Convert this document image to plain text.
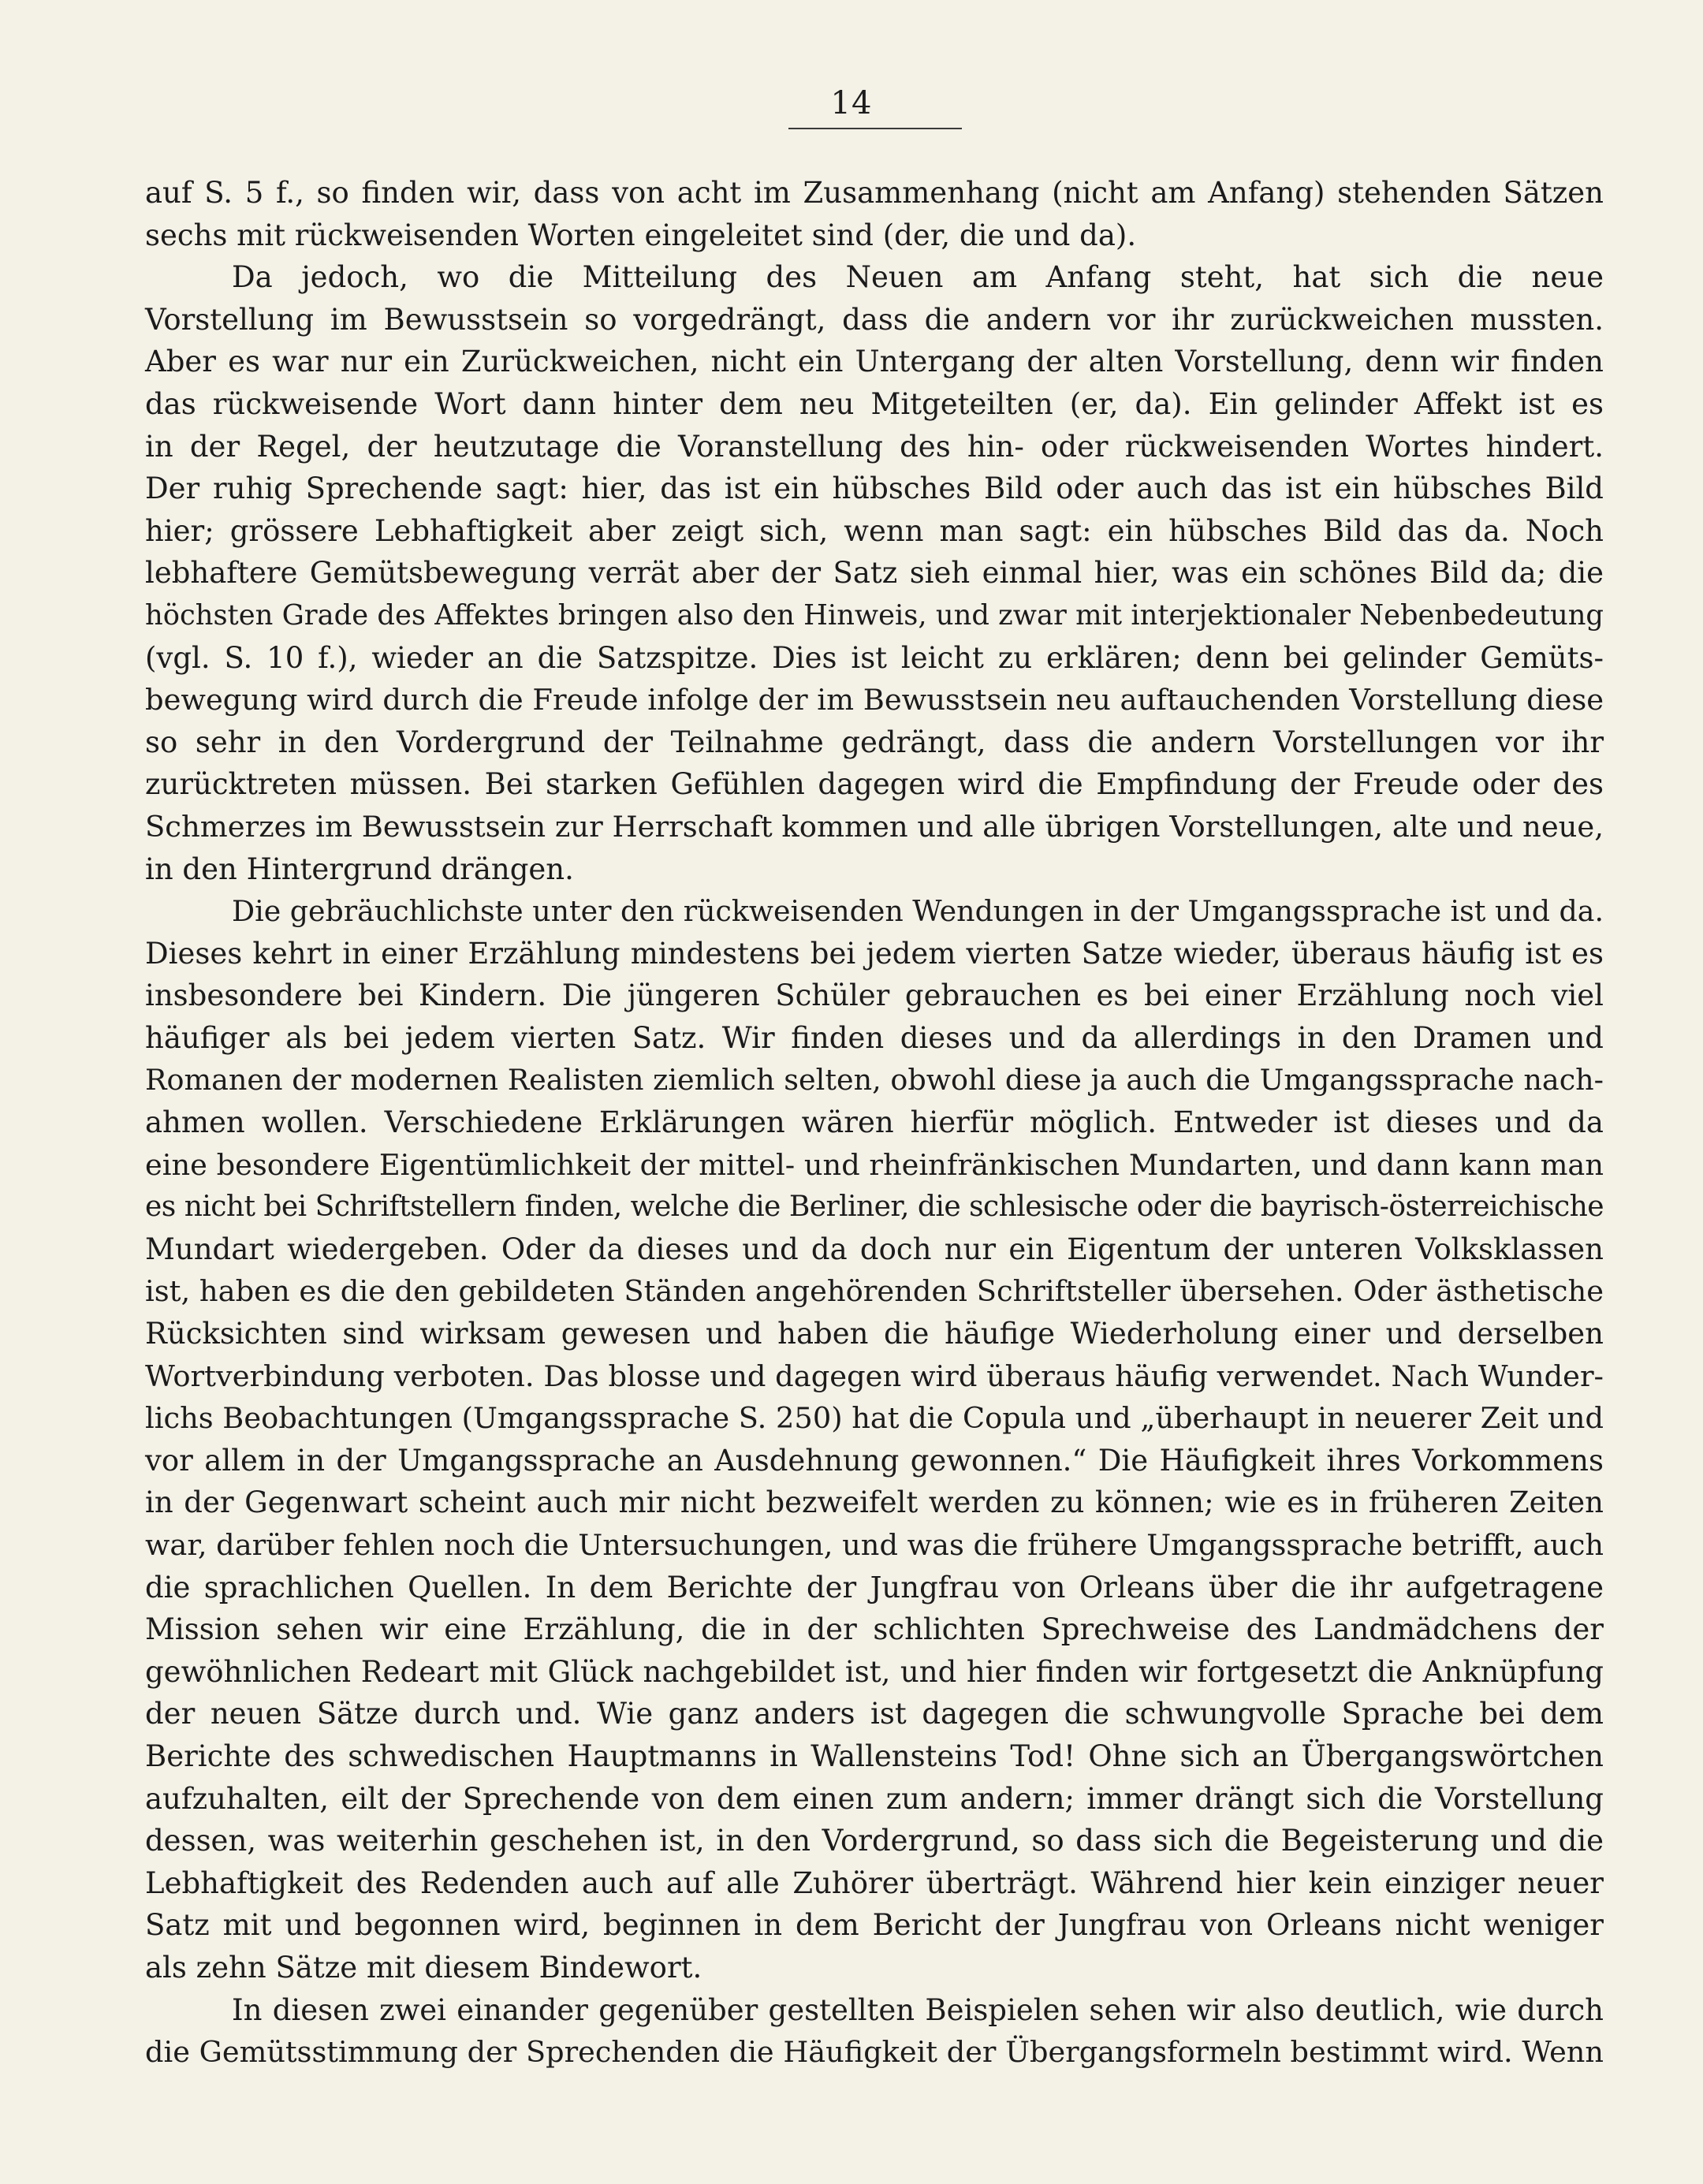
14

auf S. 5 f., so finden wir, dass von acht im Zusammenhang (nicht am Anfang) stehenden Sätzen
sechs mit rückweisenden Worten eingeleitet sind (der, die und da).

Da jedoch, wo die Mitteilung des Neuen am Anfang steht, hat sich die neue
Vorstellung im Bewusstsein so vorgedrängt, dass die andern vor ihr zurückweichen mussten.
Aber es war nur ein Zurückweichen, nicht ein Untergang der alten Vorstellung, denn wir finden
das rückweisende Wort dann hinter dem neu Mitgeteilten (er, da). Ein gelinder Affekt ist es
in der Regel, der heutzutage die Voranstellung des hin- oder rückweisenden Wortes hindert.
Der ruhig Sprechende sagt: hier, das ist ein hübsches Bild oder auch das ist ein hübsches Bild
hier; grössere Lebhaftigkeit aber zeigt sich, wenn man sagt: ein hübsches Bild das da. Noch
lebhaftere Gemütsbewegung verrät aber der Satz sieh einmal hier, was ein schönes Bild da; die
höchsten Grade des Affektes bringen also den Hinweis, und zwar mit interjektionaler Nebenbedeutung
(vgl. S. 10 f.), wieder an die Satzspitze. Dies ist leicht zu erklären; denn bei gelinder Gemüts-
bewegung wird durch die Freude infolge der im Bewusstsein neu auftauchenden Vorstellung diese
so sehr in den Vordergrund der Teilnahme gedrängt, dass die andern Vorstellungen vor ihr
zurücktreten müssen. Bei starken Gefühlen dagegen wird die Empfindung der Freude oder des
Schmerzes im Bewusstsein zur Herrschaft kommen und alle übrigen Vorstellungen, alte und neue,
in den Hintergrund drängen.

Die gebräuchlichste unter den rückweisenden Wendungen in der Umgangssprache ist und da.
Dieses kehrt in einer Erzählung mindestens bei jedem vierten Satze wieder, überaus häufig ist es
insbesondere bei Kindern. Die jüngeren Schüler gebrauchen es bei einer Erzählung noch viel
häufiger als bei jedem vierten Satz. Wir finden dieses und da allerdings in den Dramen und
Romanen der modernen Realisten ziemlich selten, obwohl diese ja auch die Umgangssprache nach-
ahmen wollen. Verschiedene Erklärungen wären hierfür möglich. Entweder ist dieses und da
eine besondere Eigentümlichkeit der mittel- und rheinfränkischen Mundarten, und dann kann man
es nicht bei Schriftstellern finden, welche die Berliner, die schlesische oder die bayrisch-österreichische
Mundart wiedergeben. Oder da dieses und da doch nur ein Eigentum der unteren Volksklassen
ist, haben es die den gebildeten Ständen angehörenden Schriftsteller übersehen. Oder ästhetische
Rücksichten sind wirksam gewesen und haben die häufige Wiederholung einer und derselben
Wortverbindung verboten. Das blosse und dagegen wird überaus häufig verwendet. Nach Wunder-
lichs Beobachtungen (Umgangssprache S. 250) hat die Copula und „überhaupt in neuerer Zeit und
vor allem in der Umgangssprache an Ausdehnung gewonnen.“ Die Häufigkeit ihres Vorkommens
in der Gegenwart scheint auch mir nicht bezweifelt werden zu können; wie es in früheren Zeiten
war, darüber fehlen noch die Untersuchungen, und was die frühere Umgangssprache betrifft, auch
die sprachlichen Quellen. In dem Berichte der Jungfrau von Orleans über die ihr aufgetragene
Mission sehen wir eine Erzählung, die in der schlichten Sprechweise des Landmädchens der
gewöhnlichen Redeart mit Glück nachgebildet ist, und hier finden wir fortgesetzt die Anknüpfung
der neuen Sätze durch und. Wie ganz anders ist dagegen die schwungvolle Sprache bei dem
Berichte des schwedischen Hauptmanns in Wallensteins Tod! Ohne sich an Übergangswörtchen
aufzuhalten, eilt der Sprechende von dem einen zum andern; immer drängt sich die Vorstellung
dessen, was weiterhin geschehen ist, in den Vordergrund, so dass sich die Begeisterung und die
Lebhaftigkeit des Redenden auch auf alle Zuhörer überträgt. Während hier kein einziger neuer
Satz mit und begonnen wird, beginnen in dem Bericht der Jungfrau von Orleans nicht weniger
als zehn Sätze mit diesem Bindewort.

In diesen zwei einander gegenüber gestellten Beispielen sehen wir also deutlich, wie durch
die Gemütsstimmung der Sprechenden die Häufigkeit der Übergangsformeln bestimmt wird. Wenn
